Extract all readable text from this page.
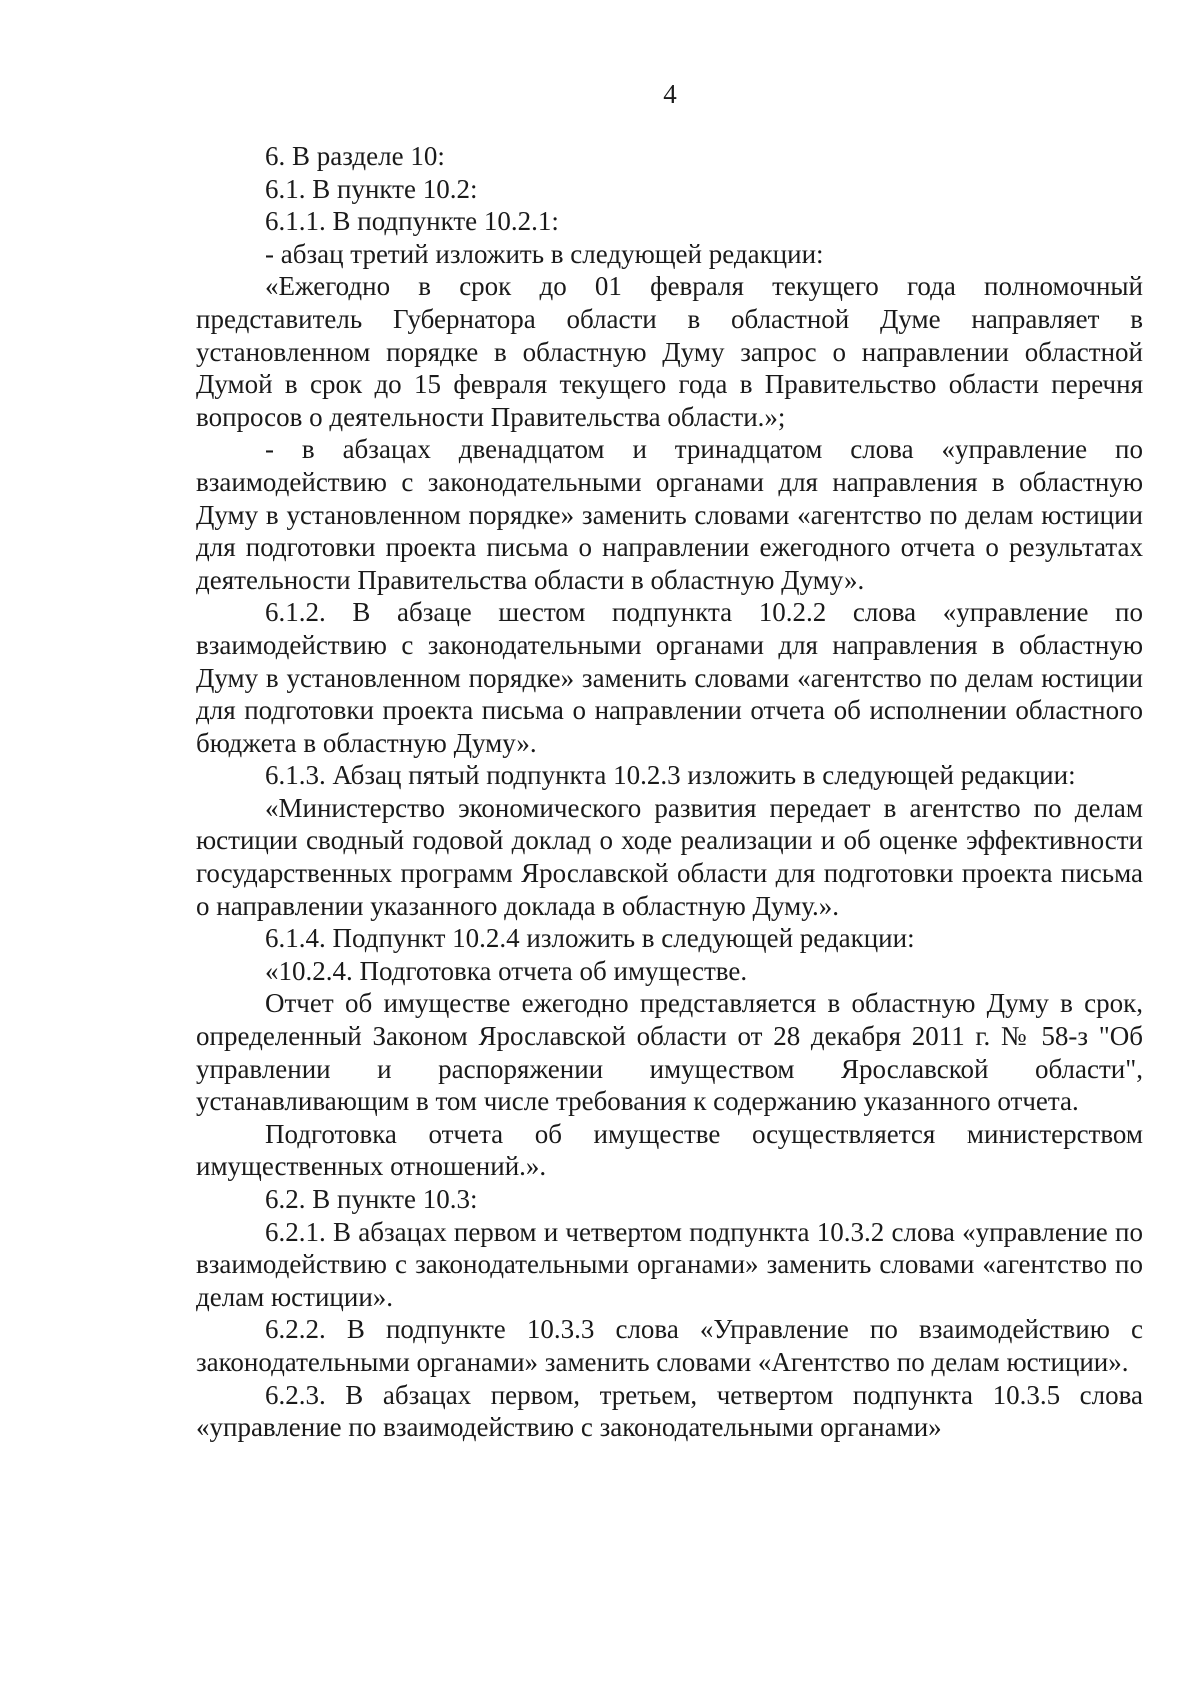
4

6. В разделе 10:

6.1. В пункте 10.2:

6.1.1. В подпункте 10.2.1:

- абзац третий изложить в следующей редакции:

«Ежегодно в срок до 01 февраля текущего года полномочный представитель Губернатора области в областной Думе направляет в установленном порядке в областную Думу запрос о направлении областной Думой в срок до 15 февраля текущего года в Правительство области перечня вопросов о деятельности Правительства области.»;

- в абзацах двенадцатом и тринадцатом слова «управление по взаимодействию с законодательными органами для направления в областную Думу в установленном порядке» заменить словами «агентство по делам юстиции для подготовки проекта письма о направлении ежегодного отчета о результатах деятельности Правительства области в областную Думу».

6.1.2. В абзаце шестом подпункта 10.2.2 слова «управление по взаимодействию с законодательными органами для направления в областную Думу в установленном порядке» заменить словами «агентство по делам юстиции для подготовки проекта письма о направлении отчета об исполнении областного бюджета в областную Думу».

6.1.3. Абзац пятый подпункта 10.2.3 изложить в следующей редакции:

«Министерство экономического развития передает в агентство по делам юстиции сводный годовой доклад о ходе реализации и об оценке эффективности государственных программ Ярославской области для подготовки проекта письма о направлении указанного доклада в областную Думу.».

6.1.4. Подпункт 10.2.4 изложить в следующей редакции:

«10.2.4. Подготовка отчета об имуществе.

Отчет об имуществе ежегодно представляется в областную Думу в срок, определенный Законом Ярославской области от 28 декабря 2011 г. № 58-з "Об управлении и распоряжении имуществом Ярославской области", устанавливающим в том числе требования к содержанию указанного отчета.

Подготовка отчета об имуществе осуществляется министерством имущественных отношений.».

6.2. В пункте 10.3:

6.2.1. В абзацах первом и четвертом подпункта 10.3.2 слова «управление по взаимодействию с законодательными органами» заменить словами «агентство по делам юстиции».

6.2.2. В подпункте 10.3.3 слова «Управление по взаимодействию с законодательными органами» заменить словами «Агентство по делам юстиции».

6.2.3. В абзацах первом, третьем, четвертом подпункта 10.3.5 слова «управление по взаимодействию с законодательными органами»
